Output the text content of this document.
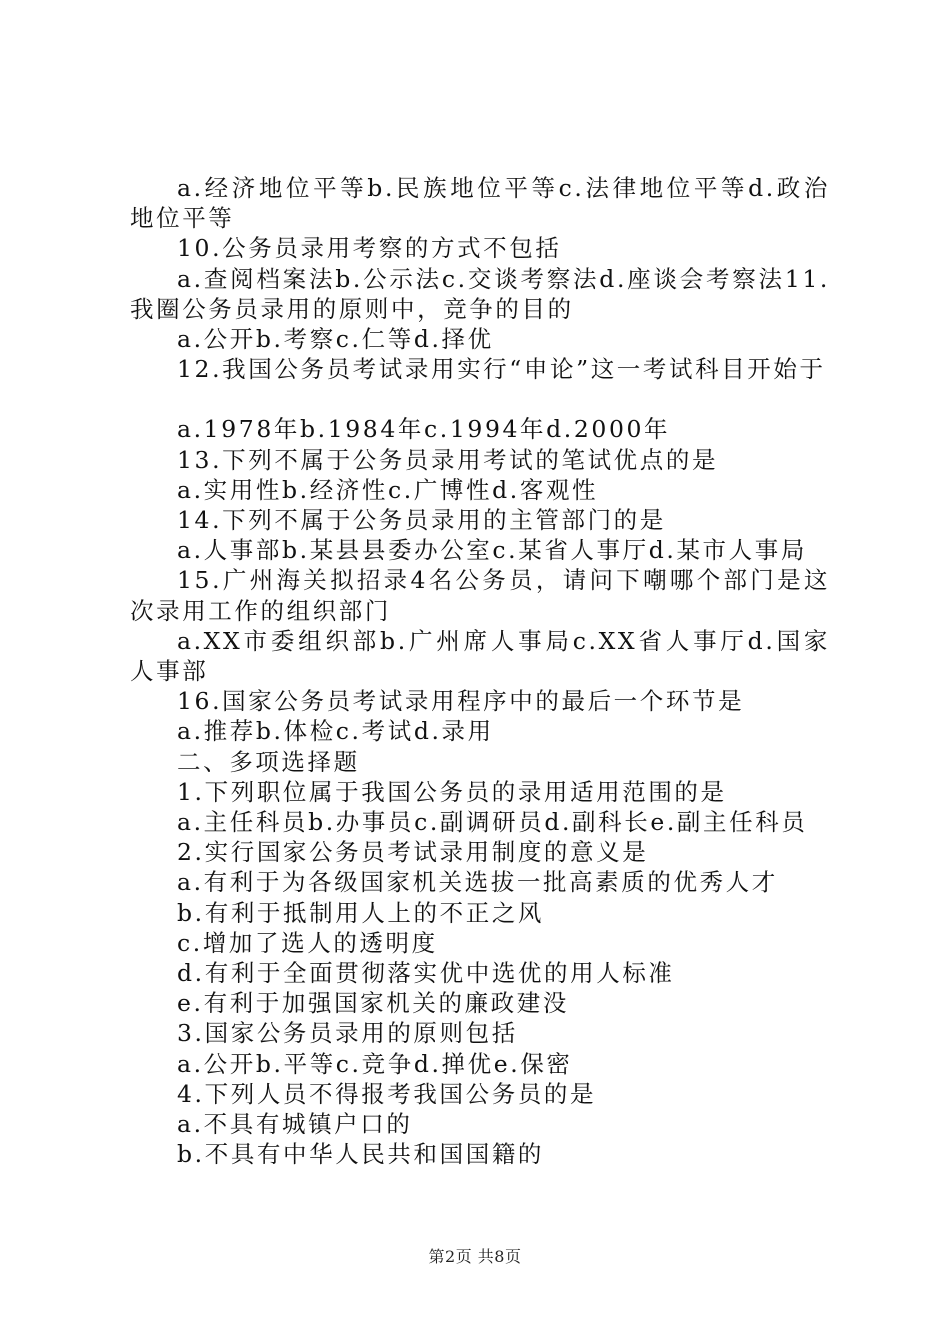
a.经济地位平等b.民族地位平等c.法律地位平等d.政治地位平等

10.公务员录用考察的方式不包括

a.查阅档案法b.公示法c.交谈考察法d.座谈会考察法11.我圈公务员录用的原则中，竞争的目的

a.公开b.考察c.仁等d.择优

12.我国公务员考试录用实行“申论”这一考试科目开始于

a.1978年b.1984年c.1994年d.2000年

13.下列不属于公务员录用考试的笔试优点的是

a.实用性b.经济性c.广博性d.客观性

14.下列不属于公务员录用的主管部门的是

a.人事部b.某县县委办公室c.某省人事厅d.某市人事局

15.广州海关拟招录4名公务员，请问下嘲哪个部门是这次录用工作的组织部门

a.XX市委组织部b.广州席人事局c.XX省人事厅d.国家人事部

16.国家公务员考试录用程序中的最后一个环节是

a.推荐b.体检c.考试d.录用

二、多项选择题

1.下列职位属于我国公务员的录用适用范围的是

a.主任科员b.办事员c.副调研员d.副科长e.副主任科员

2.实行国家公务员考试录用制度的意义是

a.有利于为各级国家机关选拔一批高素质的优秀人才

b.有利于抵制用人上的不正之风

c.增加了选人的透明度

d.有利于全面贯彻落实优中选优的用人标准

e.有利于加强国家机关的廉政建没

3.国家公务员录用的原则包括

a.公开b.平等c.竞争d.掸优e.保密

4.下列人员不得报考我国公务员的是

a.不具有城镇户口的

b.不具有中华人民共和国国籍的

第2页 共8页
